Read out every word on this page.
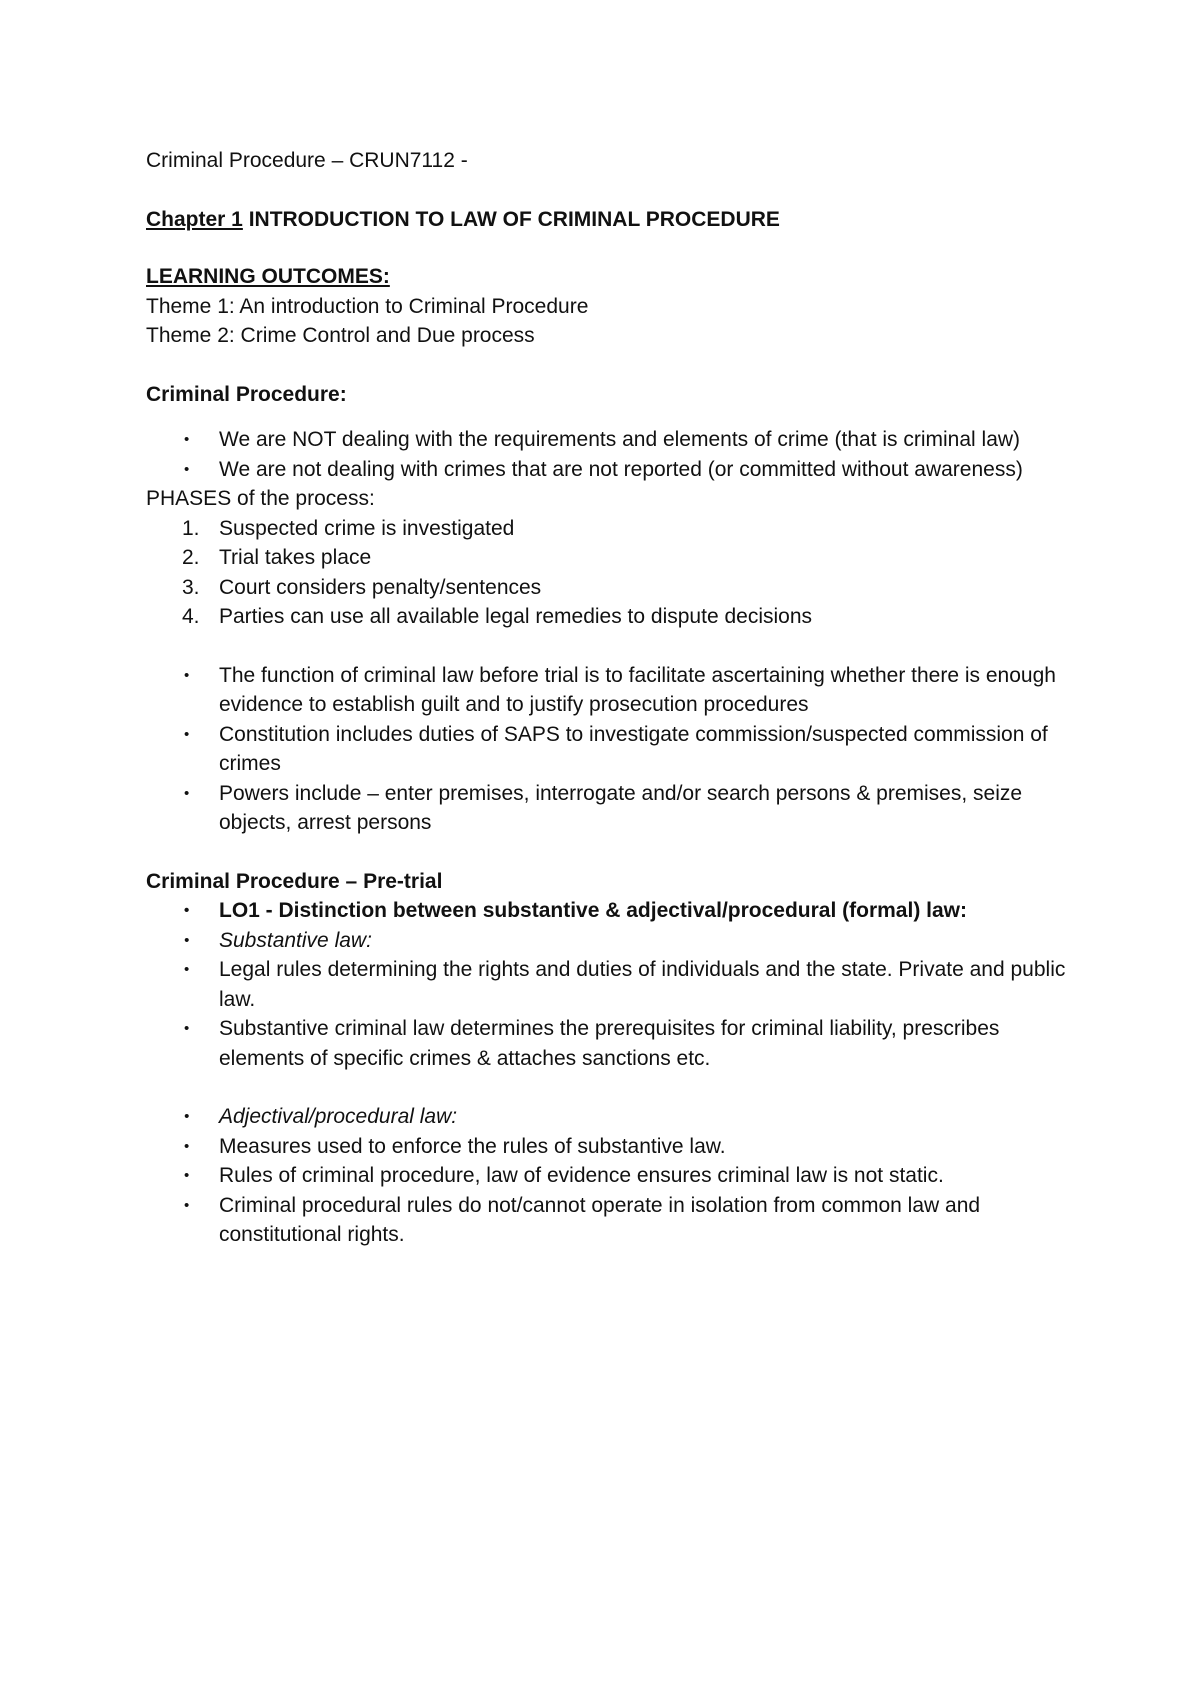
Criminal Procedure – CRUN7112 -

Chapter 1 INTRODUCTION TO LAW OF CRIMINAL PROCEDURE

LEARNING OUTCOMES:

Theme 1: An introduction to Criminal Procedure

Theme 2: Crime Control and Due process

Criminal Procedure:

• We are NOT dealing with the requirements and elements of crime (that is criminal law)
• We are not dealing with crimes that are not reported (or committed without awareness)

PHASES of the process:

1. Suspected crime is investigated
2. Trial takes place
3. Court considers penalty/sentences
4. Parties can use all available legal remedies to dispute decisions
• The function of criminal law before trial is to facilitate ascertaining whether there is enough evidence to establish guilt and to justify prosecution procedures
• Constitution includes duties of SAPS to investigate commission/suspected commission of crimes
• Powers include – enter premises, interrogate and/or search persons & premises, seize objects, arrest persons

Criminal Procedure – Pre-trial

• LO1 - Distinction between substantive & adjectival/procedural (formal) law:
• Substantive law:
• Legal rules determining the rights and duties of individuals and the state. Private and public law.
• Substantive criminal law determines the prerequisites for criminal liability, prescribes elements of specific crimes & attaches sanctions etc.
• Adjectival/procedural law:
• Measures used to enforce the rules of substantive law.
• Rules of criminal procedure, law of evidence ensures criminal law is not static.
• Criminal procedural rules do not/cannot operate in isolation from common law and constitutional rights.
